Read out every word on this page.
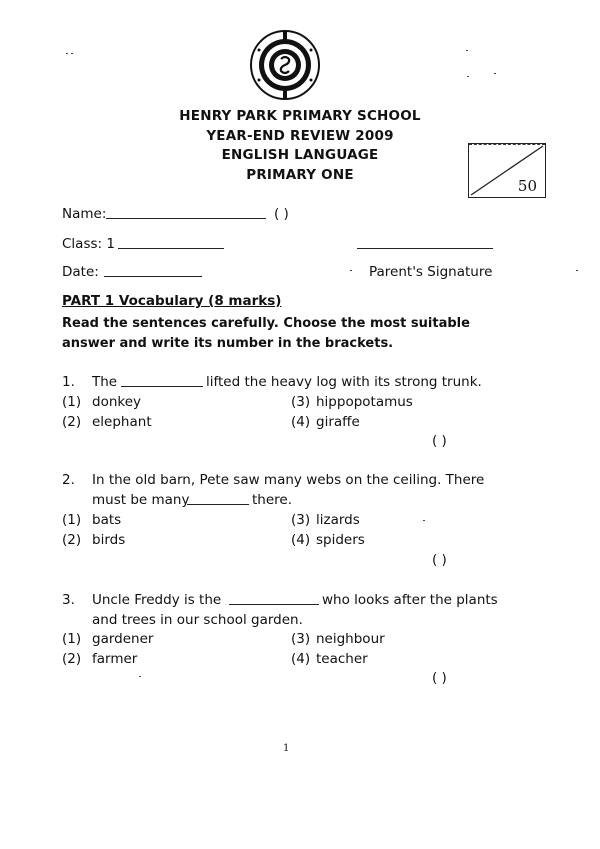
HENRY PARK PRIMARY SCHOOL
YEAR-END REVIEW 2009
ENGLISH LANGUAGE
PRIMARY ONE
50
Name:	( )
Class: 1
Date:	Parent's Signature
PART 1 Vocabulary (8 marks)
Read the sentences carefully. Choose the most suitable
answer and write its number in the brackets.
1. The	lifted the heavy log with its strong trunk.
(1) donkey
(2) elephant
(3) hippopotamus
(4) giraffe
( )
2. In the old barn, Pete saw many webs on the ceiling. There
must be many	there.
(1) bats
(2) birds
(3) lizards
(4) spiders
( )
3. Uncle Freddy is the	who looks after the plants
and trees in our school garden.
(1) gardener
(2) farmer
(3) neighbour
(4) teacher
( )
1
